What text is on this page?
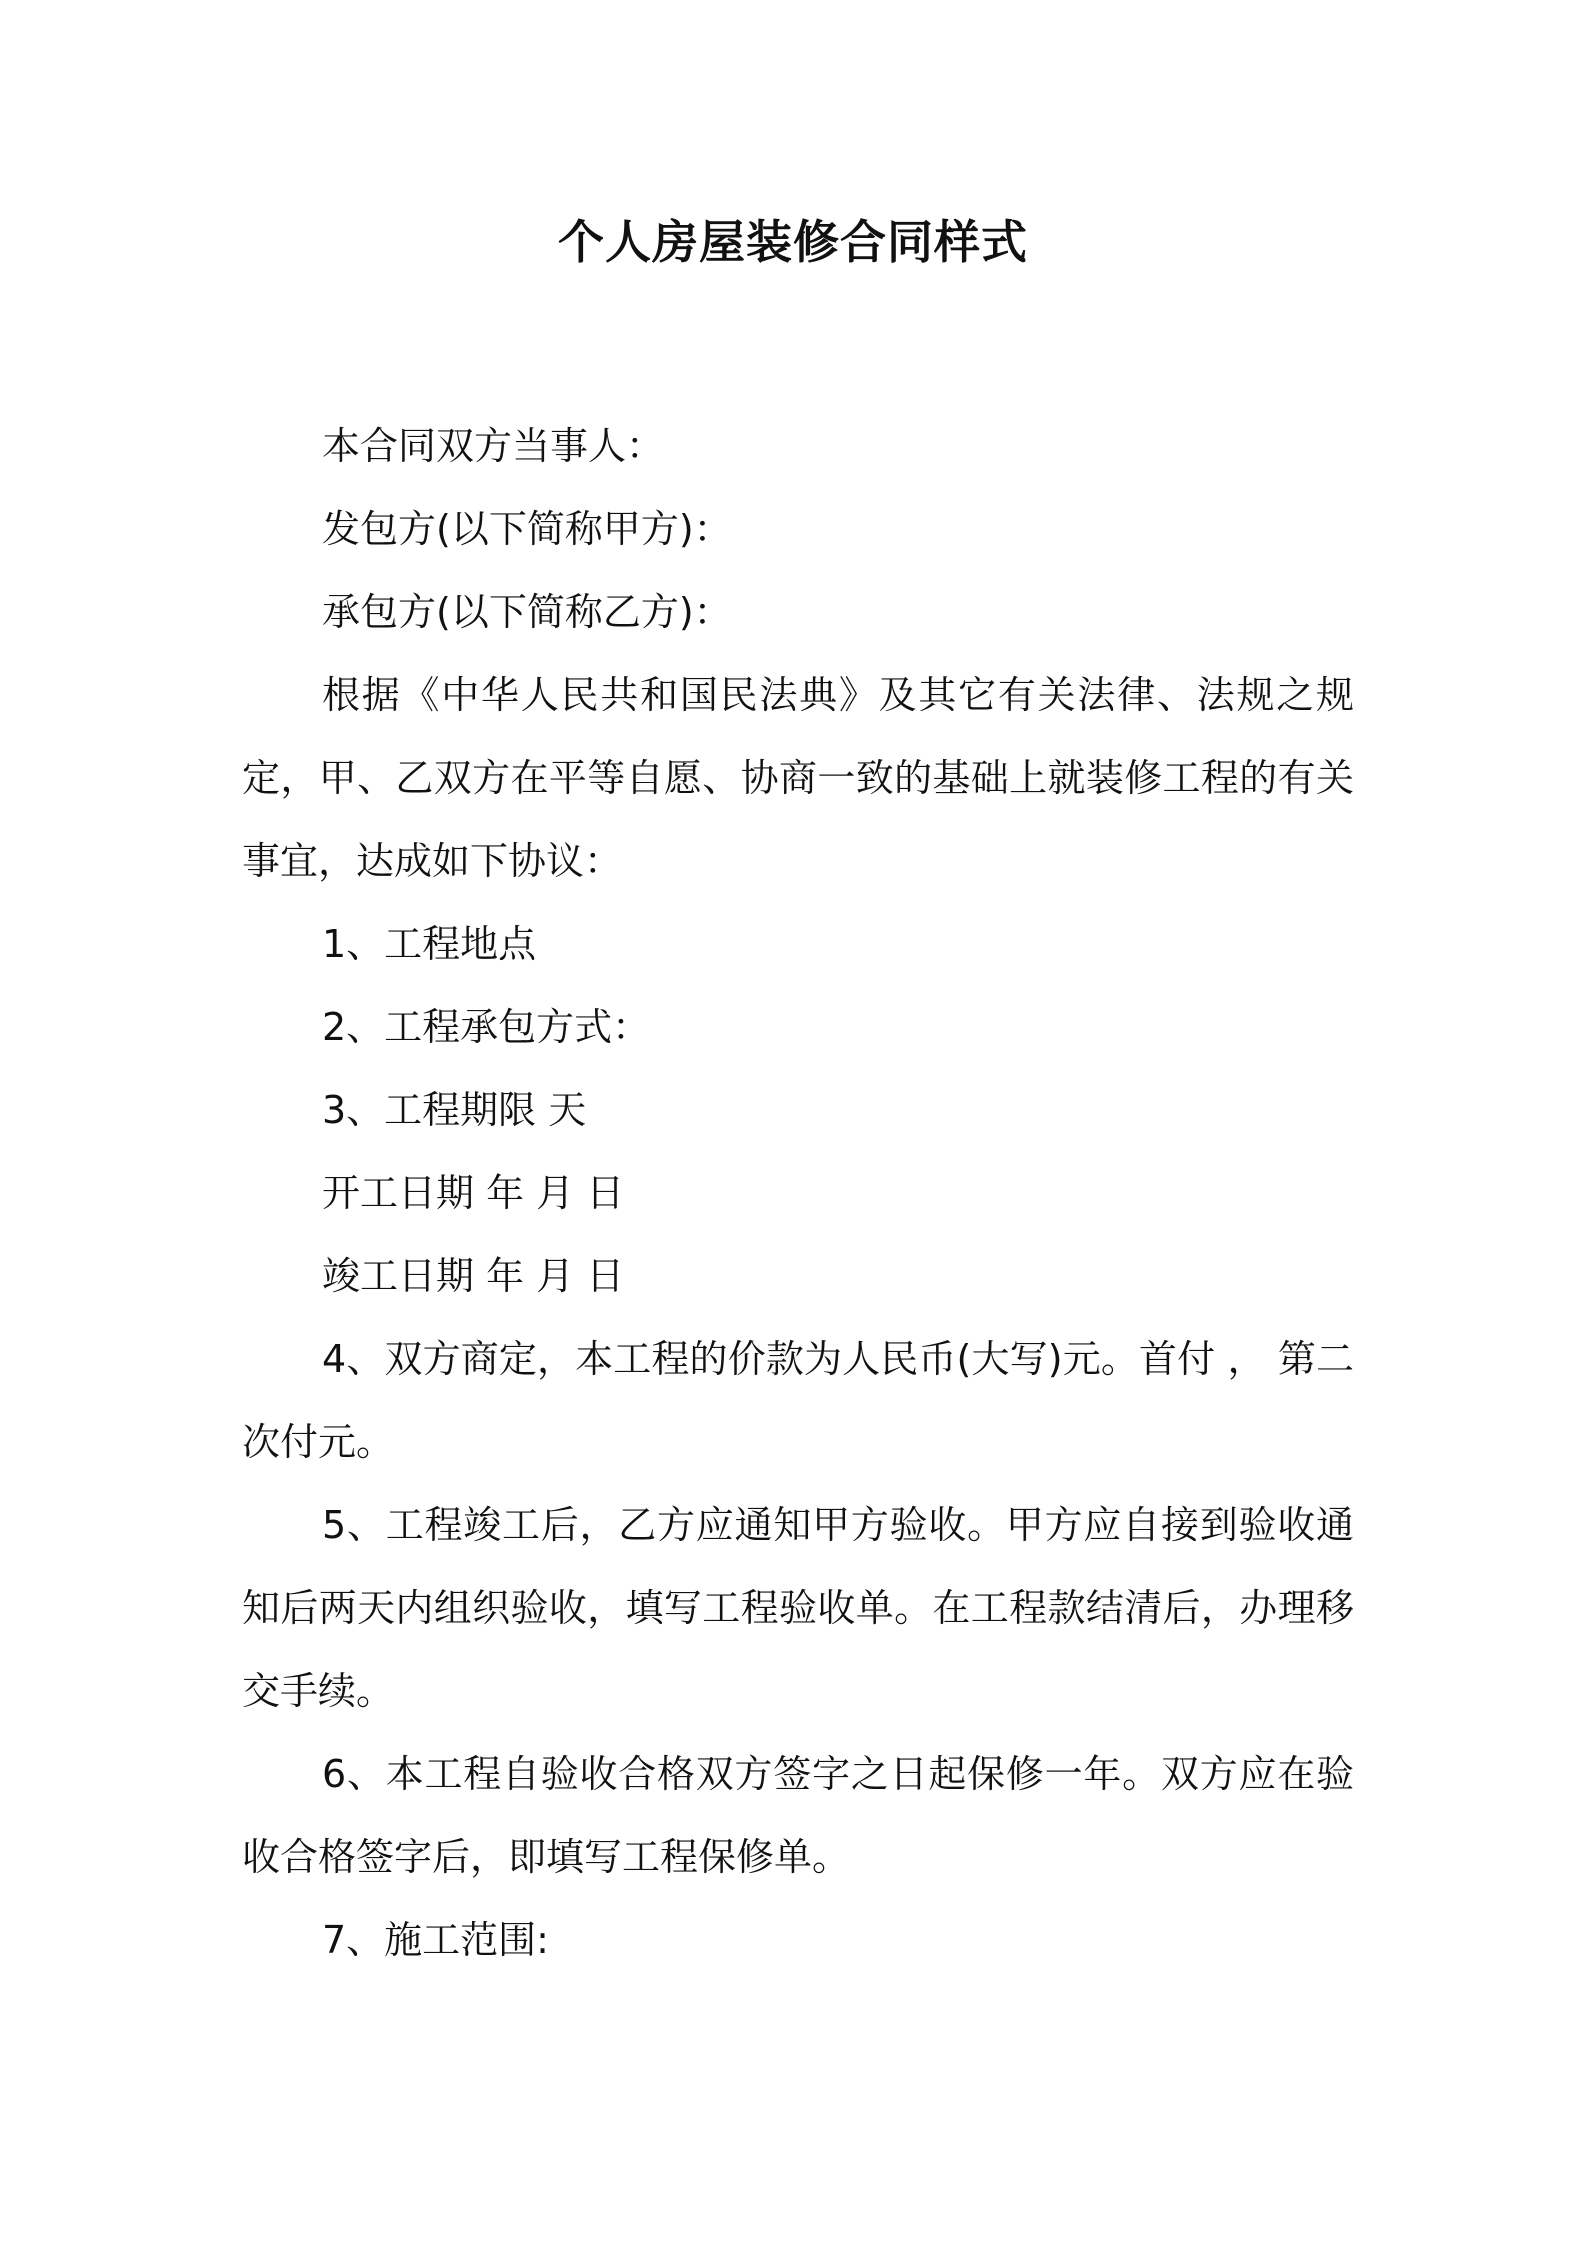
个人房屋装修合同样式

本合同双方当事人：

发包方(以下简称甲方)：

承包方(以下简称乙方)：

根据《中华人民共和国民法典》及其它有关法律、法规之规定，甲、乙双方在平等自愿、协商一致的基础上就装修工程的有关事宜，达成如下协议：

1、工程地点

2、工程承包方式：

3、工程期限 天

开工日期 年 月 日

竣工日期 年 月 日

4、双方商定，本工程的价款为人民币(大写)元。首付 ， 第二次付元。

5、工程竣工后，乙方应通知甲方验收。甲方应自接到验收通知后两天内组织验收，填写工程验收单。在工程款结清后，办理移交手续。

6、本工程自验收合格双方签字之日起保修一年。双方应在验收合格签字后，即填写工程保修单。

7、施工范围:
